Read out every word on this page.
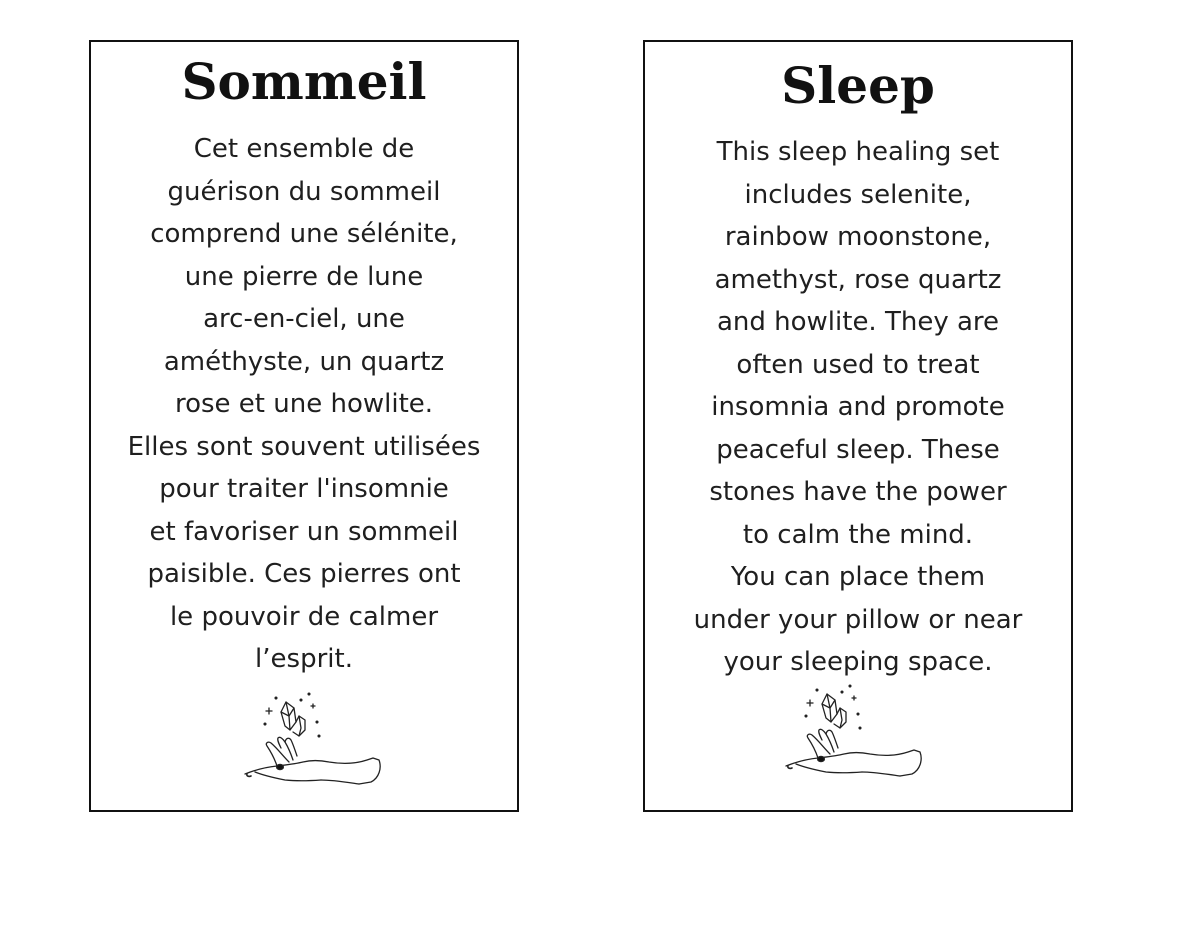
Sommeil
Cet ensemble de
guérison du sommeil
comprend une sélénite,
une pierre de lune
arc-en-ciel, une
améthyste, un quartz
rose et une howlite.
Elles sont souvent utilisées
pour traiter l'insomnie
et favoriser un sommeil
paisible. Ces pierres ont
le pouvoir de calmer
l’esprit.
Sleep
This sleep healing set
includes selenite,
rainbow moonstone,
amethyst, rose quartz
and howlite. They are
often used to treat
insomnia and promote
peaceful sleep. These
stones have the power
to calm the mind.
You can place them
under your pillow or near
your sleeping space.
